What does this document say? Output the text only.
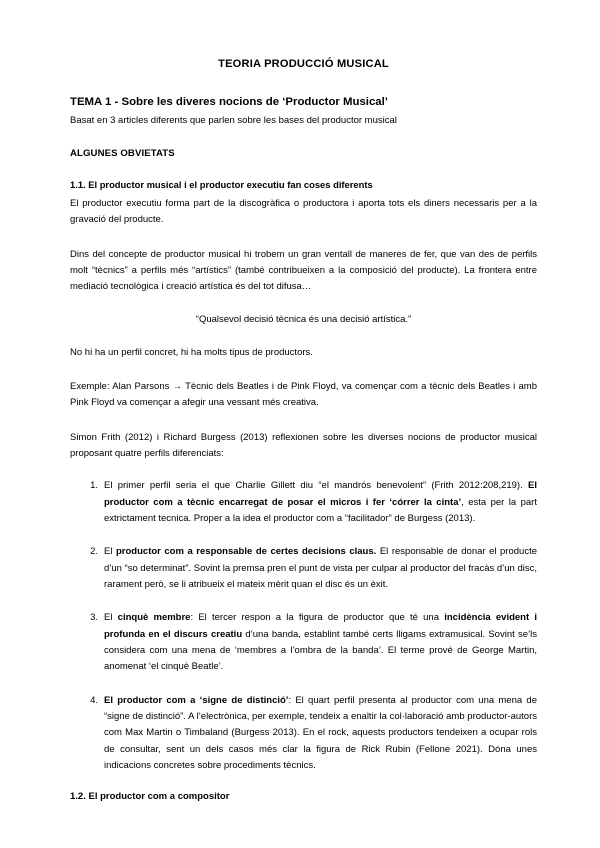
TEORIA PRODUCCIÓ MUSICAL
TEMA 1 - Sobre les diveres nocions de ‘Productor Musical’
Basat en 3 articles diferents que parlen sobre les bases del productor musical
ALGUNES OBVIETATS
1.1. El productor musical i el productor executiu fan coses diferents

El productor executiu forma part de la discogràfica o productora i aporta tots els diners necessaris per a la gravació del producte.

Dins del concepte de productor musical hi trobem un gran ventall de maneres de fer, que van des de perfils molt “tècnics” a perfils més “artístics” (també contribueixen a la composició del producte). La frontera entre mediació tecnològica i creació artística és del tot difusa…

“Qualsevol decisió tècnica és una decisió artística.”

No hi ha un perfil concret, hi ha molts tipus de productors.

Exemple: Alan Parsons → Tècnic dels Beatles i de Pink Floyd, va començar com a tècnic dels Beatles i amb Pink Floyd va començar a afegir una vessant més creativa.

Simon Frith (2012) i Richard Burgess (2013) reflexionen sobre les diverses nocions de productor musical proposant quatre perfils diferenciats:

El primer perfil seria el que Charlie Gillett diu “el mandrós benevolent” (Frith 2012:208,219). El productor com a tècnic encarregat de posar el micros i fer ‘córrer la cinta’, esta per la part extrictament tecnica. Proper a la idea el productor com a “facilitador” de Burgess (2013).
El productor com a responsable de certes decisions claus. El responsable de donar el producte d’un “so determinat”. Sovint la premsa pren el punt de vista per culpar al productor del fracàs d’un disc, rarament però, se li atribueix el mateix mèrit quan el disc és un èxit.
El cinquè membre: El tercer respon a la figura de productor que té una incidència evident i profunda en el discurs creatiu d’una banda, establint també certs lligams extramusical. Sovint se’ls considera com una mena de ‘membres a l’ombra de la banda’. El terme prové de George Martin, anomenat ‘el cinquè Beatle’.
El productor com a ‘signe de distinció’: El quart perfil presenta al productor com una mena de “signe de distinció”. A l’electrònica, per exemple, tendeix a enaltir la col·laboració amb productor-autors com Max Martin o Timbaland (Burgess 2013). En el rock, aquests productors tendeixen a ocupar rols de consultar, sent un dels casos més clar la figura de Rick Rubin (Fellone 2021). Dóna unes indicacions concretes sobre procediments tècnics.
1.2. El productor com a compositor
